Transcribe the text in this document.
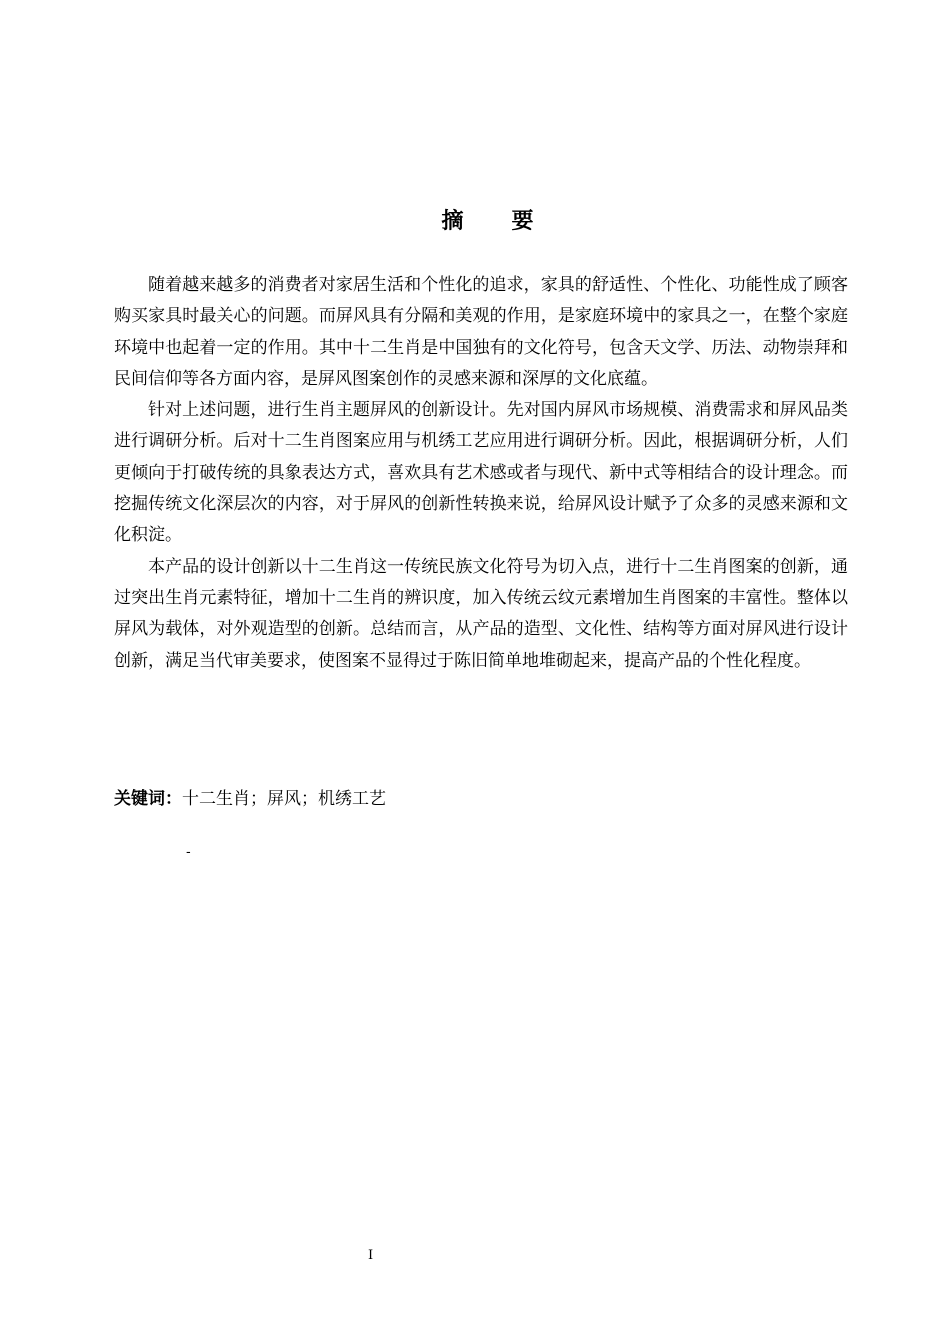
摘 要

随着越来越多的消费者对家居生活和个性化的追求，家具的舒适性、个性化、功能性成了顾客购买家具时最关心的问题。而屏风具有分隔和美观的作用，是家庭环境中的家具之一，在整个家庭环境中也起着一定的作用。其中十二生肖是中国独有的文化符号，包含天文学、历法、动物崇拜和民间信仰等各方面内容，是屏风图案创作的灵感来源和深厚的文化底蕴。

针对上述问题，进行生肖主题屏风的创新设计。先对国内屏风市场规模、消费需求和屏风品类进行调研分析。后对十二生肖图案应用与机绣工艺应用进行调研分析。因此，根据调研分析，人们更倾向于打破传统的具象表达方式，喜欢具有艺术感或者与现代、新中式等相结合的设计理念。而挖掘传统文化深层次的内容，对于屏风的创新性转换来说，给屏风设计赋予了众多的灵感来源和文化积淀。

本产品的设计创新以十二生肖这一传统民族文化符号为切入点，进行十二生肖图案的创新，通过突出生肖元素特征，增加十二生肖的辨识度，加入传统云纹元素增加生肖图案的丰富性。整体以屏风为载体，对外观造型的创新。总结而言，从产品的造型、文化性、结构等方面对屏风进行设计创新，满足当代审美要求，使图案不显得过于陈旧简单地堆砌起来，提高产品的个性化程度。

关键词：十二生肖；屏风；机绣工艺
-
I
